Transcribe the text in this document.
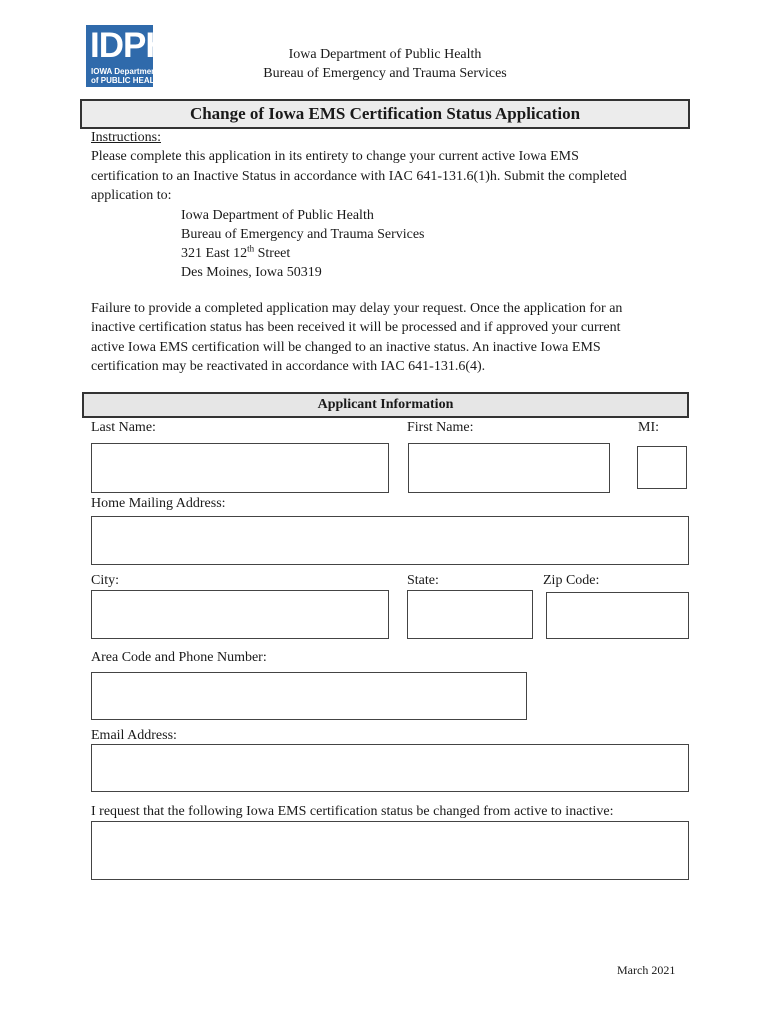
IDPH
IOWA Department
of PUBLIC HEALTH
Iowa Department of Public Health
Bureau of Emergency and Trauma Services
Change of Iowa EMS Certification Status Application
Instructions:
Please complete this application in its entirety to change your current active Iowa EMS
certification to an Inactive Status in accordance with IAC 641-131.6(1)h. Submit the completed
application to:
Iowa Department of Public Health
Bureau of Emergency and Trauma Services
321 East 12th Street
Des Moines, Iowa 50319
Failure to provide a completed application may delay your request. Once the application for an
inactive certification status has been received it will be processed and if approved your current
active Iowa EMS certification will be changed to an inactive status. An inactive Iowa EMS
certification may be reactivated in accordance with IAC 641-131.6(4).
Applicant Information
Last Name:	First Name:	MI:
Home Mailing Address:
City:	State:	Zip Code:
Area Code and Phone Number:
Email Address:
I request that the following Iowa EMS certification status be changed from active to inactive:
March 2021
